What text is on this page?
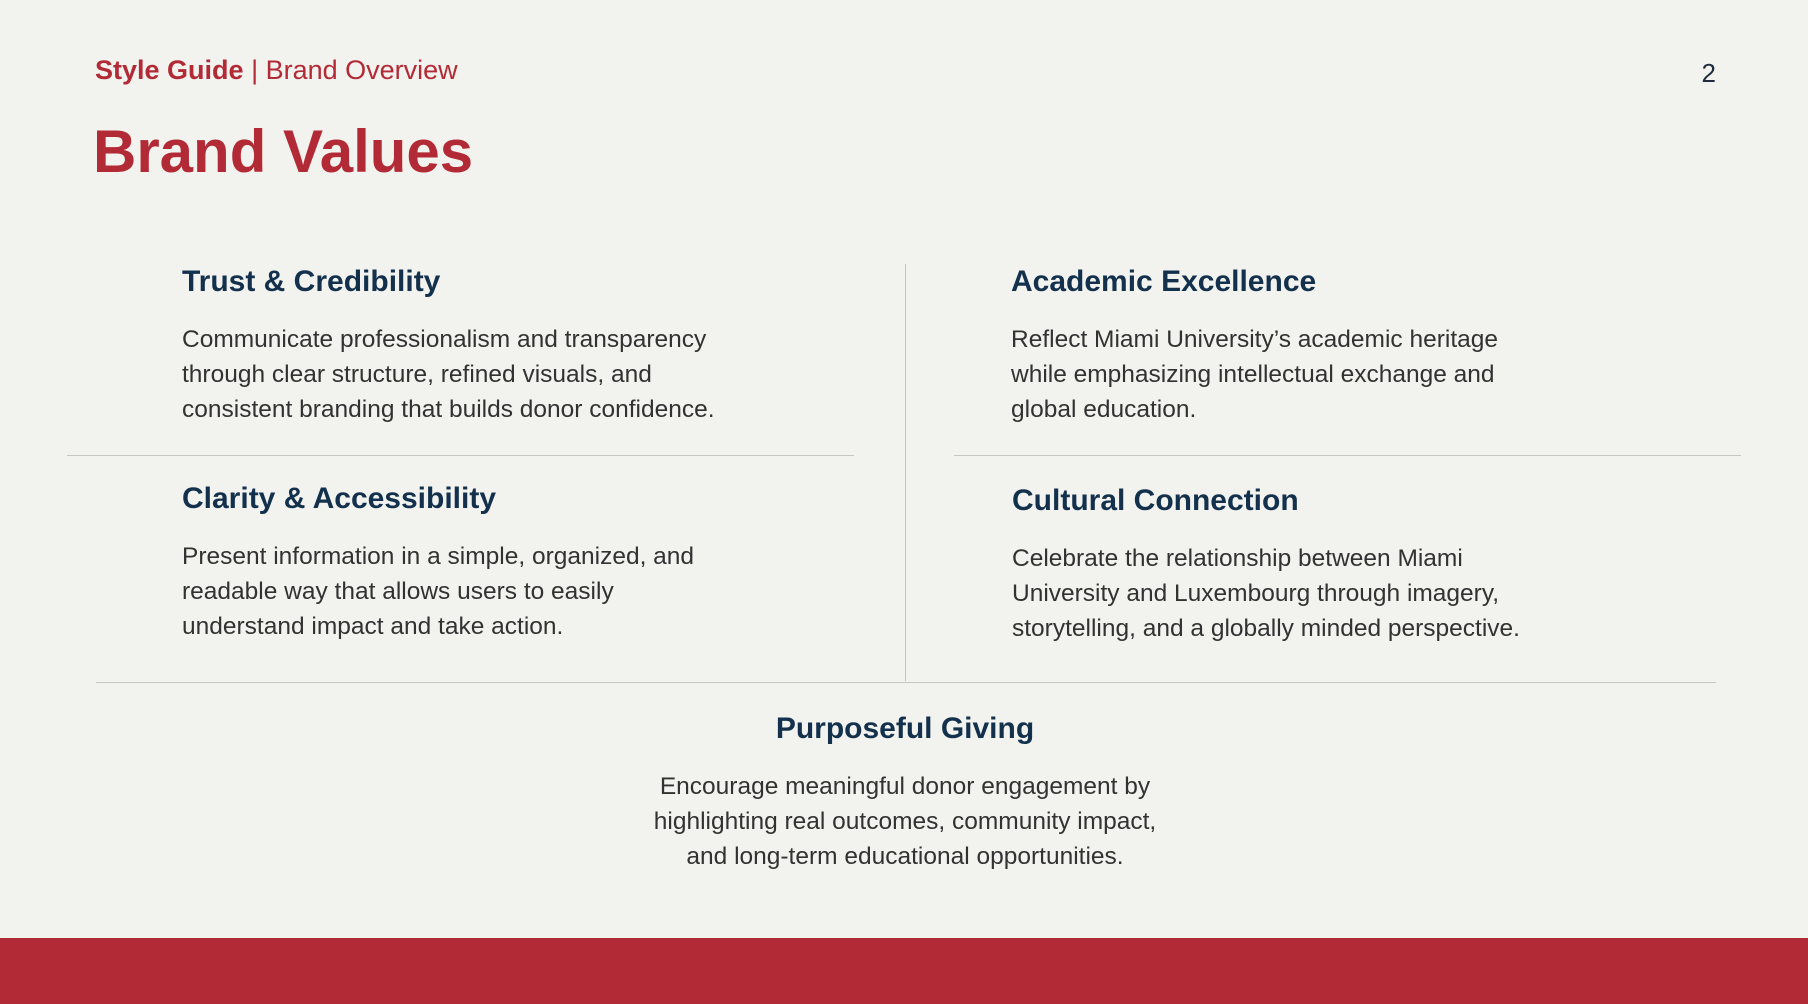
Style Guide | Brand Overview	2
Brand Values
Trust & Credibility
Communicate professionalism and transparency
through clear structure, refined visuals, and
consistent branding that builds donor confidence.
Academic Excellence
Reflect Miami University’s academic heritage
while emphasizing intellectual exchange and
global education.
Clarity & Accessibility
Present information in a simple, organized, and
readable way that allows users to easily
understand impact and take action.
Cultural Connection
Celebrate the relationship between Miami
University and Luxembourg through imagery,
storytelling, and a globally minded perspective.
Purposeful Giving
Encourage meaningful donor engagement by
highlighting real outcomes, community impact,
and long-term educational opportunities.
